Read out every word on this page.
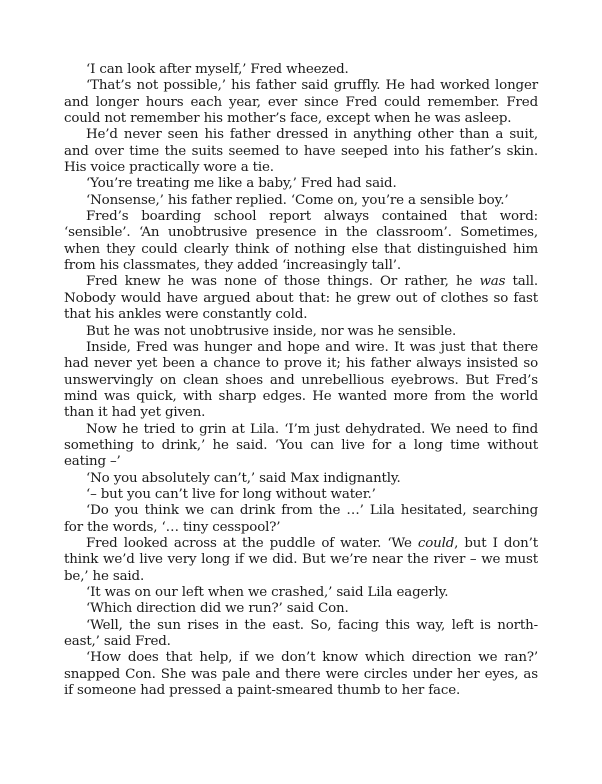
‘I can look after myself,’ Fred wheezed.

‘That’s not possible,’ his father said gruffly. He had worked longer and longer hours each year, ever since Fred could remember. Fred could not remember his mother’s face, except when he was asleep.

He’d never seen his father dressed in anything other than a suit, and over time the suits seemed to have seeped into his father’s skin. His voice practically wore a tie.

‘You’re treating me like a baby,’ Fred had said.

‘Nonsense,’ his father replied. ‘Come on, you’re a sensible boy.’

Fred’s boarding school report always contained that word: ‘sensible’. ‘An unobtrusive presence in the classroom’. Sometimes, when they could clearly think of nothing else that distinguished him from his classmates, they added ‘increasingly tall’.

Fred knew he was none of those things. Or rather, he was tall. Nobody would have argued about that: he grew out of clothes so fast that his ankles were constantly cold.

But he was not unobtrusive inside, nor was he sensible.

Inside, Fred was hunger and hope and wire. It was just that there had never yet been a chance to prove it; his father always insisted so unswervingly on clean shoes and unrebellious eyebrows. But Fred’s mind was quick, with sharp edges. He wanted more from the world than it had yet given.

Now he tried to grin at Lila. ‘I’m just dehydrated. We need to find something to drink,’ he said. ‘You can live for a long time without eating –’

‘No you absolutely can’t,’ said Max indignantly.

‘– but you can’t live for long without water.’

‘Do you think we can drink from the …’ Lila hesitated, searching for the words, ‘… tiny cesspool?’

Fred looked across at the puddle of water. ‘We could, but I don’t think we’d live very long if we did. But we’re near the river – we must be,’ he said.

‘It was on our left when we crashed,’ said Lila eagerly.

‘Which direction did we run?’ said Con.

‘Well, the sun rises in the east. So, facing this way, left is north-east,’ said Fred.

‘How does that help, if we don’t know which direction we ran?’ snapped Con. She was pale and there were circles under her eyes, as if someone had pressed a paint-smeared thumb to her face.
